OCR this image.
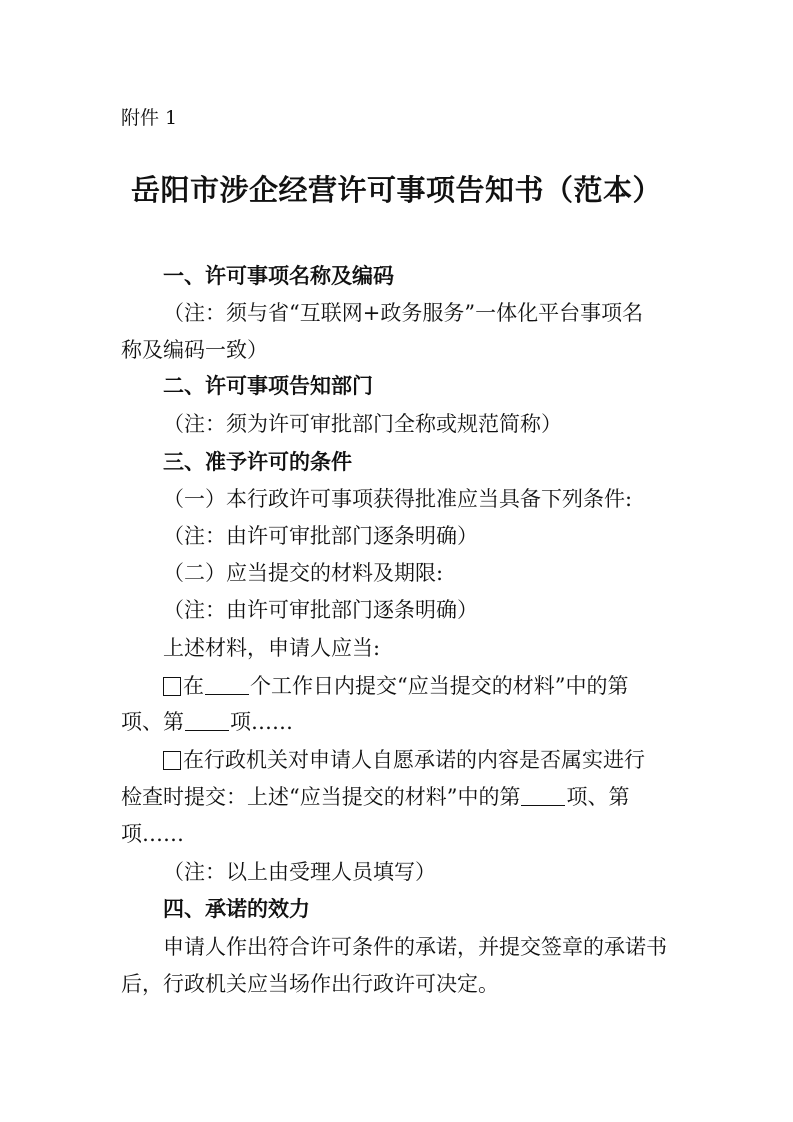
附件 1
岳阳市涉企经营许可事项告知书（范本）
一、许可事项名称及编码
（注：须与省“互联网+政务服务”一体化平台事项名
称及编码一致）
二、许可事项告知部门
（注：须为许可审批部门全称或规范简称）
三、准予许可的条件
（一）本行政许可事项获得批准应当具备下列条件:
（注：由许可审批部门逐条明确）
（二）应当提交的材料及期限:
（注：由许可审批部门逐条明确）
上述材料，申请人应当:
在 个工作日内提交“应当提交的材料”中的第
项、第 项……
在行政机关对申请人自愿承诺的内容是否属实进行
检查时提交：上述“应当提交的材料”中的第 项、第
项……
（注：以上由受理人员填写）
四、承诺的效力
申请人作出符合许可条件的承诺，并提交签章的承诺书
后，行政机关应当场作出行政许可决定。
